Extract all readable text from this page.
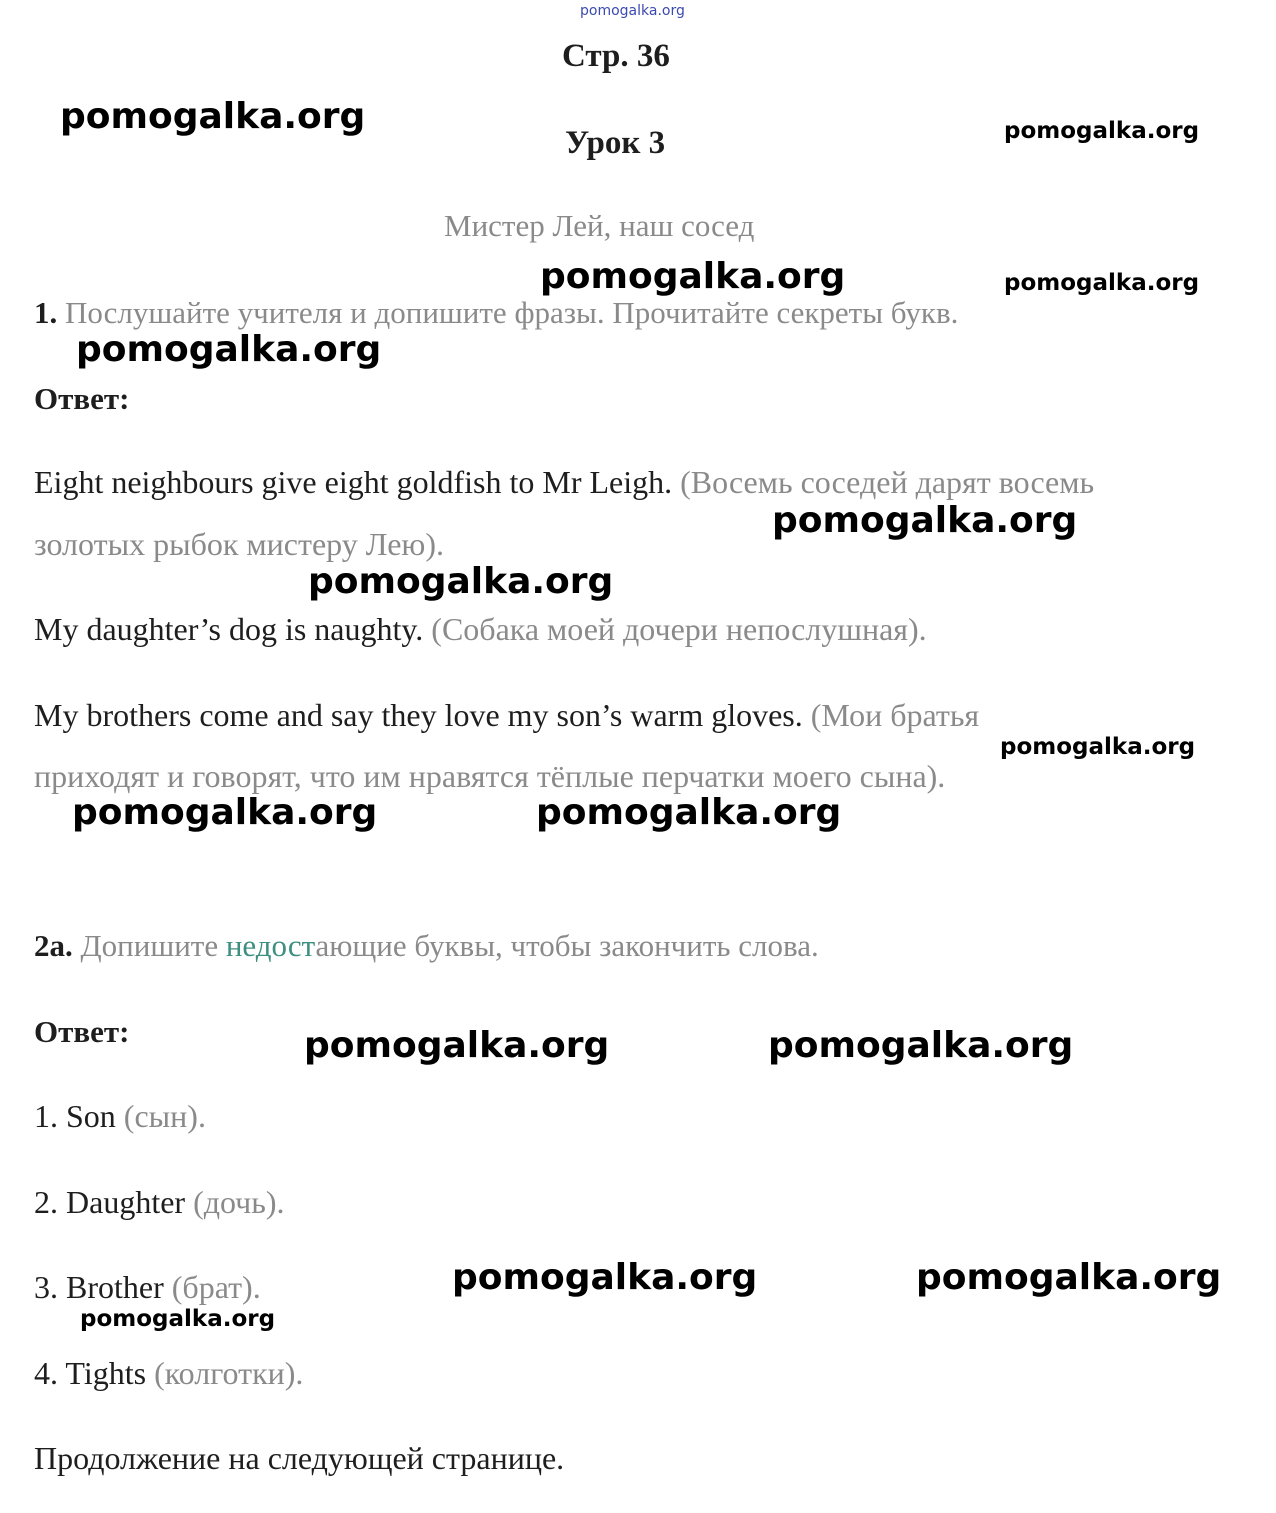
pomogalka.org
Стр. 36
Урок 3
Мистер Лей, наш сосед
1. Послушайте учителя и допишите фразы. Прочитайте секреты букв.
Ответ:
Eight neighbours give eight goldfish to Mr Leigh. (Восемь соседей дарят восемь
золотых рыбок мистеру Лею).
My daughter’s dog is naughty. (Собака моей дочери непослушная).
My brothers come and say they love my son’s warm gloves. (Мои братья
приходят и говорят, что им нравятся тёплые перчатки моего сына).
2a. Допишите недостающие буквы, чтобы закончить слова.
Ответ:
1. Son (сын).
2. Daughter (дочь).
3. Brother (брат).
4. Tights (колготки).
Продолжение на следующей странице.
pomogalka.org	pomogalka.org
pomogalka.org	pomogalka.org
pomogalka.org
pomogalka.org
pomogalka.org
pomogalka.org
pomogalka.org	pomogalka.org
pomogalka.org	pomogalka.org
pomogalka.org	pomogalka.org
pomogalka.org
